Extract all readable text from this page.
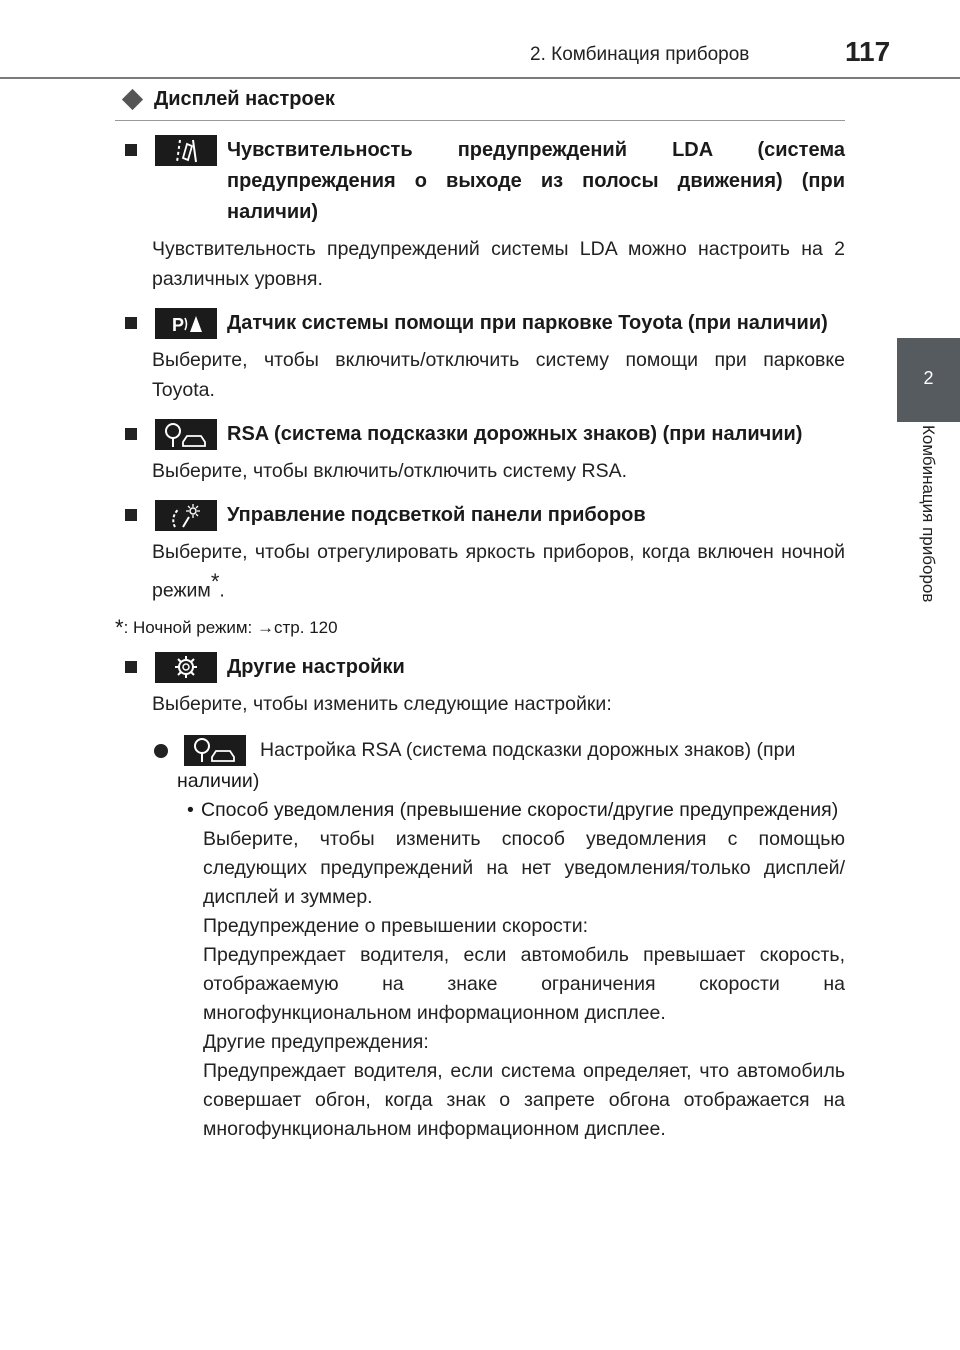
2. Комбинация приборов	117
2
Комбинация приборов
Дисплей настроек
Чувствительность предупреждений LDA (система предупреждения о выходе из полосы движения) (при наличии)
Чувствительность предупреждений системы LDA можно настроить на 2 различных уровня.
P Датчик системы помощи при парковке Toyota (при наличии)
Выберите, чтобы включить/отключить систему помощи при парковке Toyota.
RSA (система подсказки дорожных знаков) (при наличии)
Выберите, чтобы включить/отключить систему RSA.
Управление подсветкой панели приборов
Выберите, чтобы отрегулировать яркость приборов, когда включен ночной режим*.
*: Ночной режим: →стр. 120
Другие настройки
Выберите, чтобы изменить следующие настройки:
Настройка RSA (система подсказки дорожных знаков) (при
наличии)
• Способ уведомления (превышение скорости/другие предупреждения)
Выберите, чтобы изменить способ уведомления с помощью следующих предупреждений на нет уведомления/только дисплей/дисплей и зуммер.
Предупреждение о превышении скорости:
Предупреждает водителя, если автомобиль превышает скорость, отображаемую на знаке ограничения скорости на многофункциональном информационном дисплее.
Другие предупреждения:
Предупреждает водителя, если система определяет, что автомобиль совершает обгон, когда знак о запрете обгона отображается на многофункциональном информационном дисплее.
